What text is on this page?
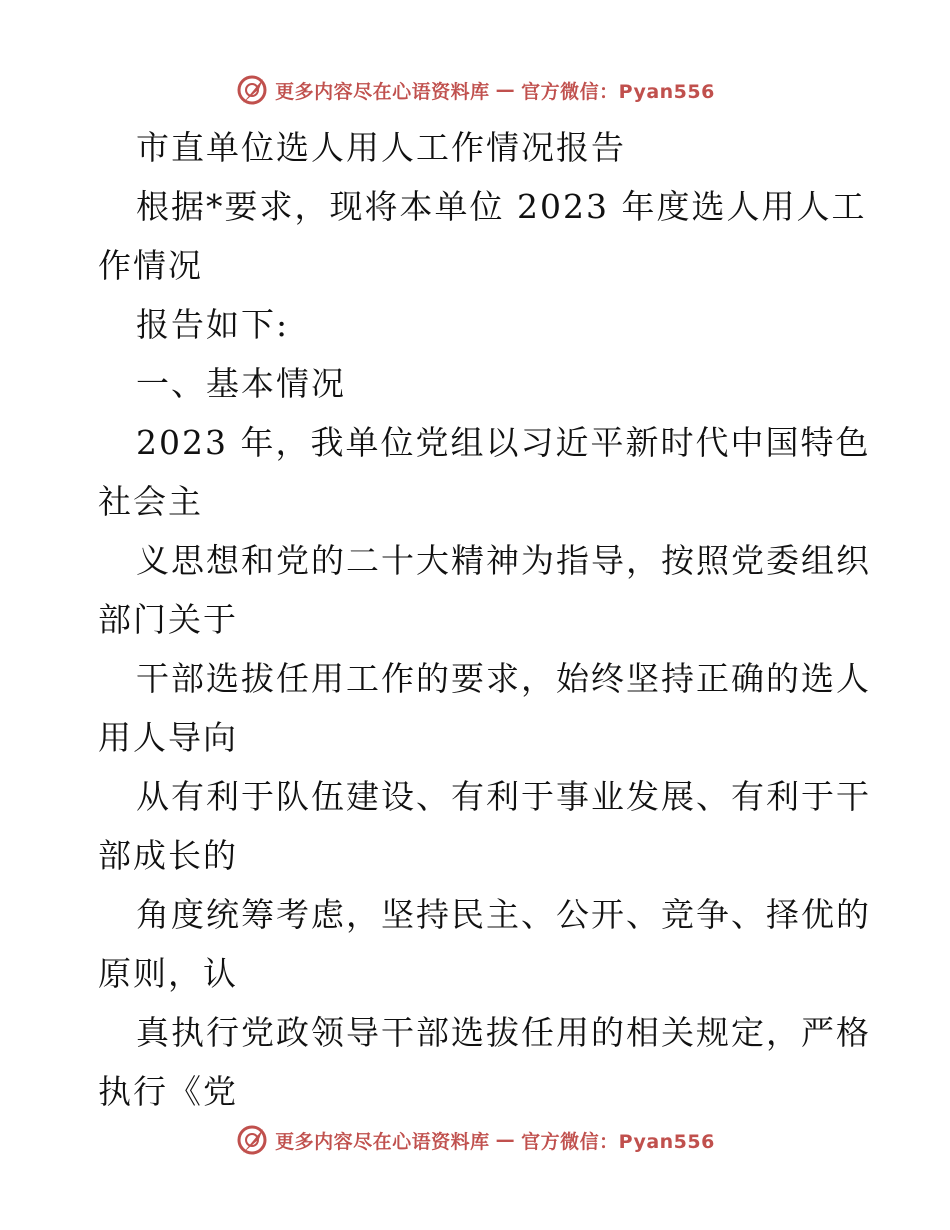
更多内容尽在心语资料库 — 官方微信：Pyan556

市直单位选人用人工作情况报告

根据*要求，现将本单位 2023 年度选人用人工

作情况

报告如下:

一、基本情况

2023 年，我单位党组以习近平新时代中国特色

社会主

义思想和党的二十大精神为指导，按照党委组织

部门关于

干部选拔任用工作的要求，始终坚持正确的选人

用人导向

从有利于队伍建设、有利于事业发展、有利于干

部成长的

角度统筹考虑，坚持民主、公开、竞争、择优的

原则，认

真执行党政领导干部选拔任用的相关规定，严格

执行《党

更多内容尽在心语资料库 — 官方微信：Pyan556
